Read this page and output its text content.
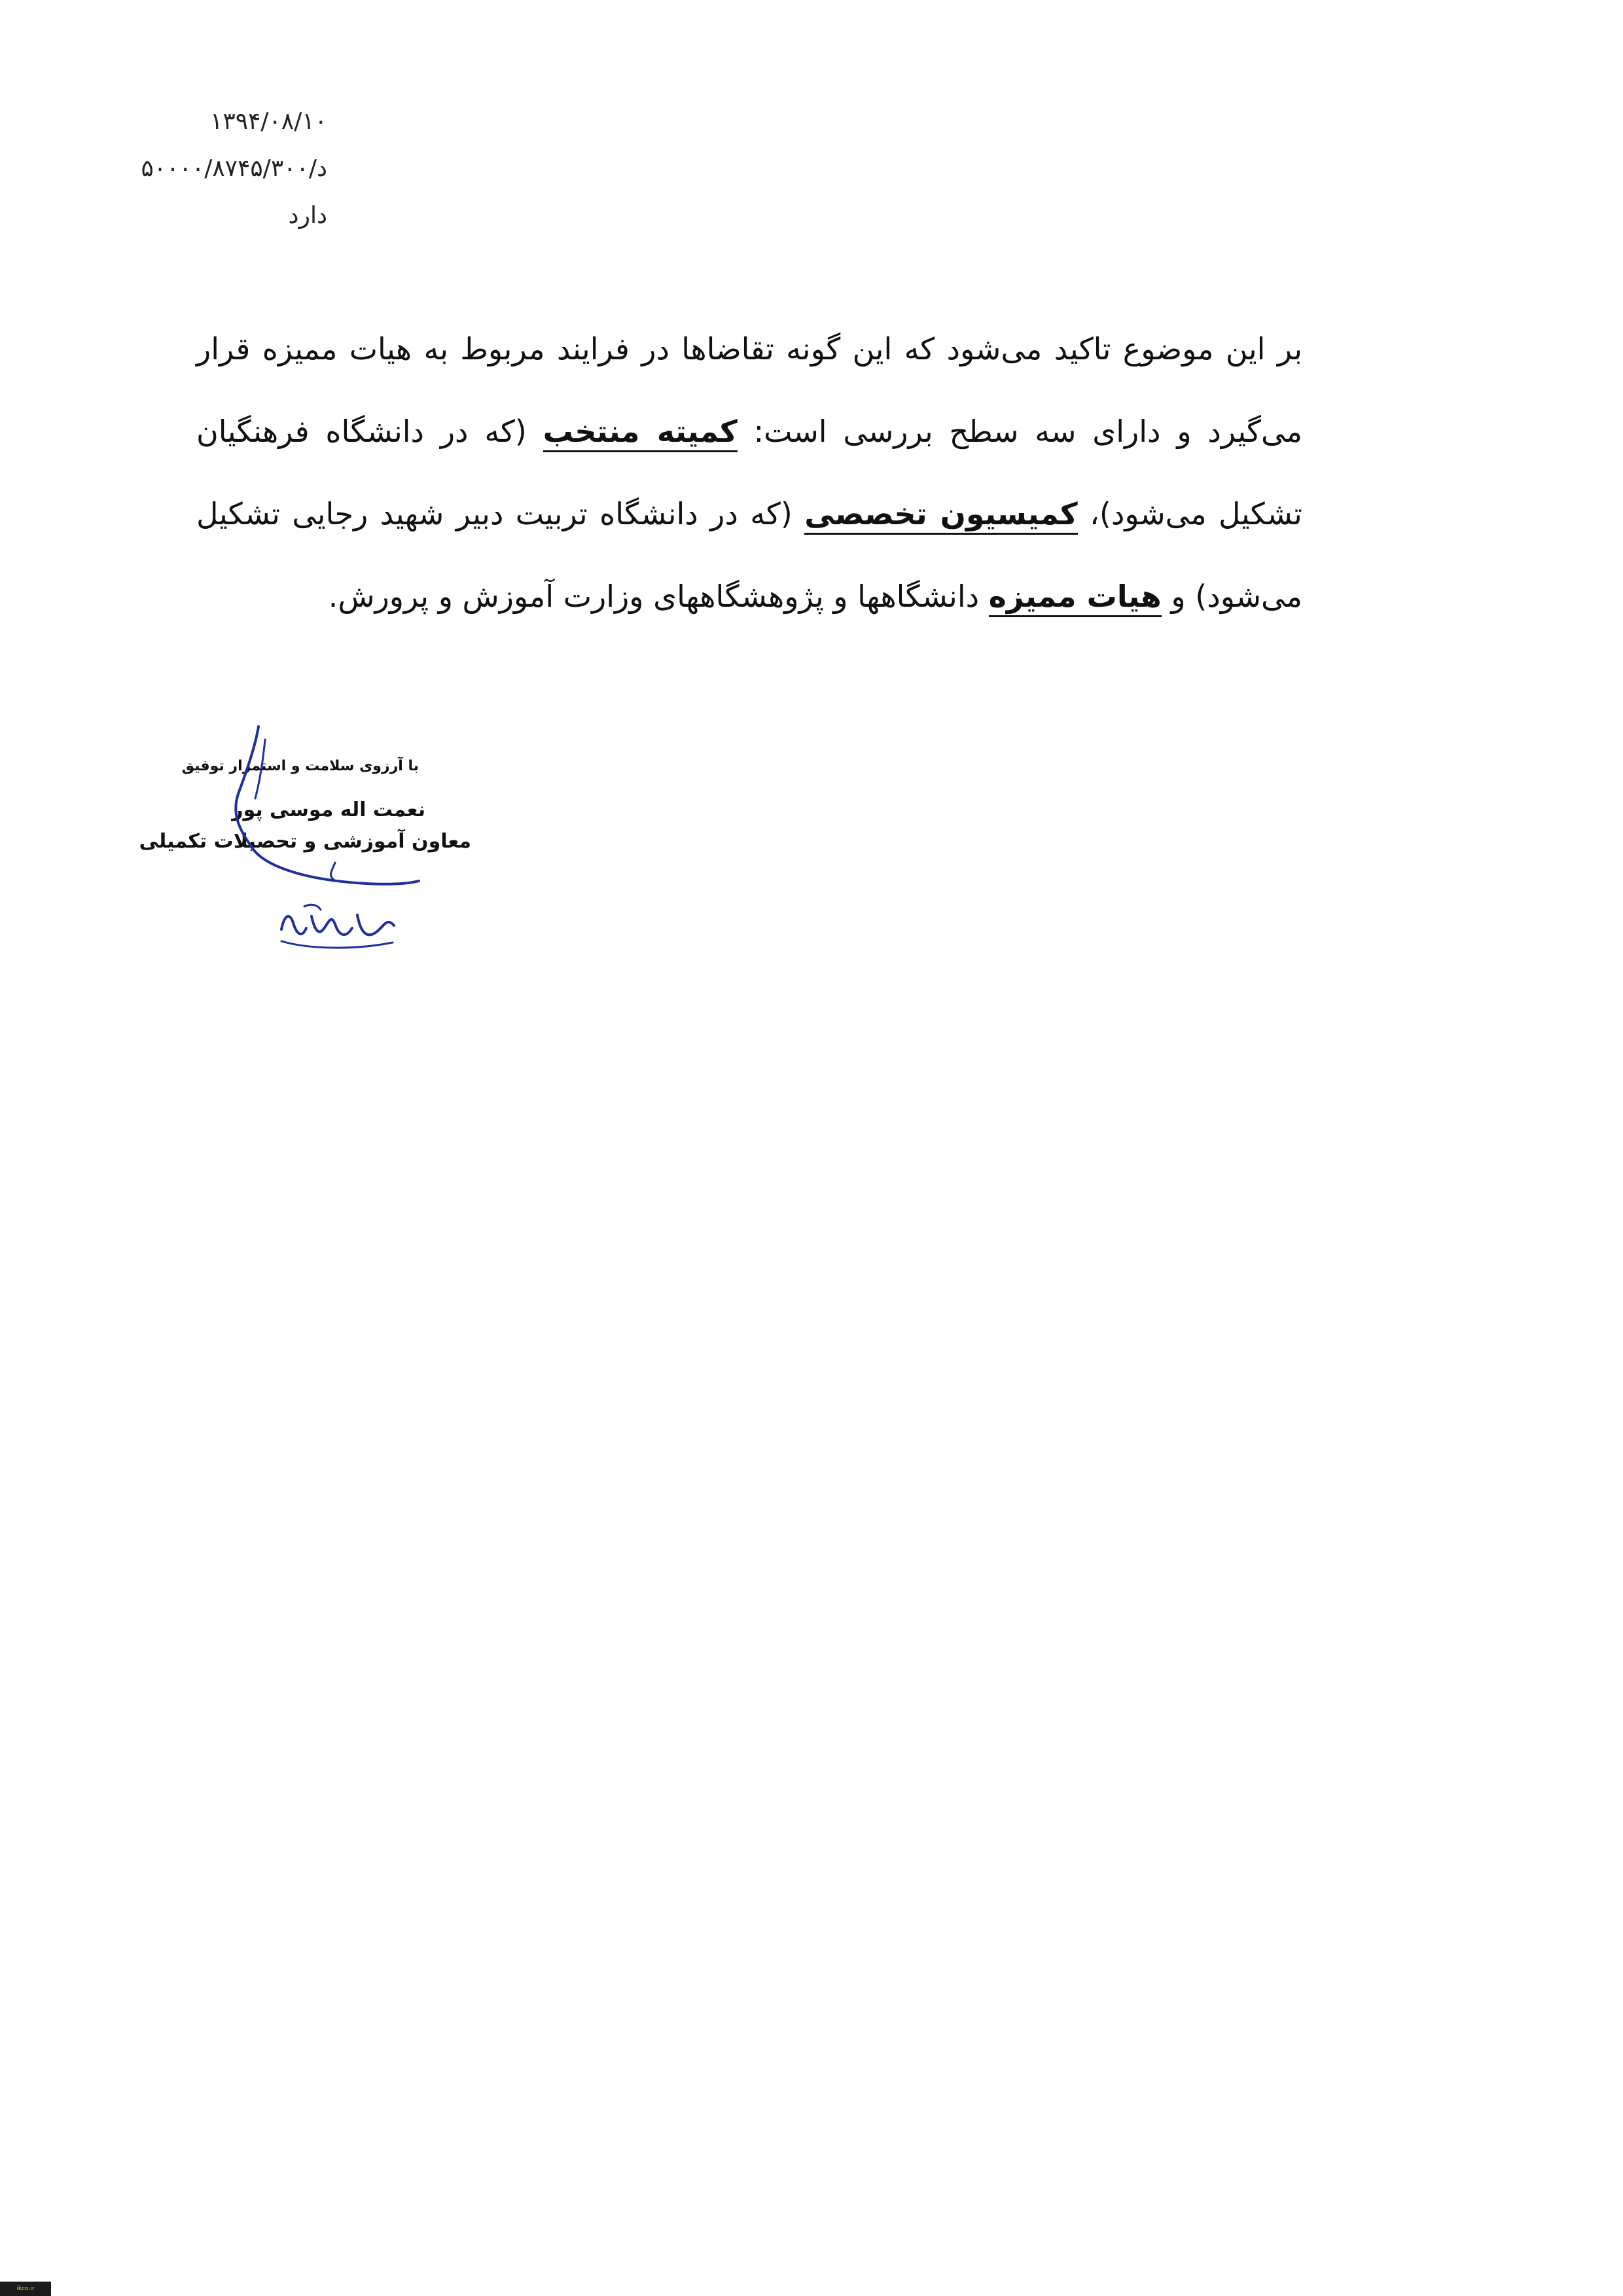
۱۳۹۴/۰۸/۱۰
د/۵۰۰۰۰/۸۷۴۵/۳۰۰
دارد
بر این موضوع تاکید می‌شود که این گونه تقاضاها در فرایند مربوط به هیات ممیزه قرار می‌گیرد و دارای سه سطح بررسی است: کمیته منتخب (که در دانشگاه فرهنگیان تشکیل می‌شود)، کمیسیون تخصصی (که در دانشگاه تربیت دبیر شهید رجایی تشکیل می‌شود) و هیات ممیزه دانشگاهها و پژوهشگاههای وزارت آموزش و پرورش.
با آرزوی سلامت و استمرار توفیق
نعمت اله موسی پور
معاون آموزشی و تحصیلات تکمیلی
ikco.ir
